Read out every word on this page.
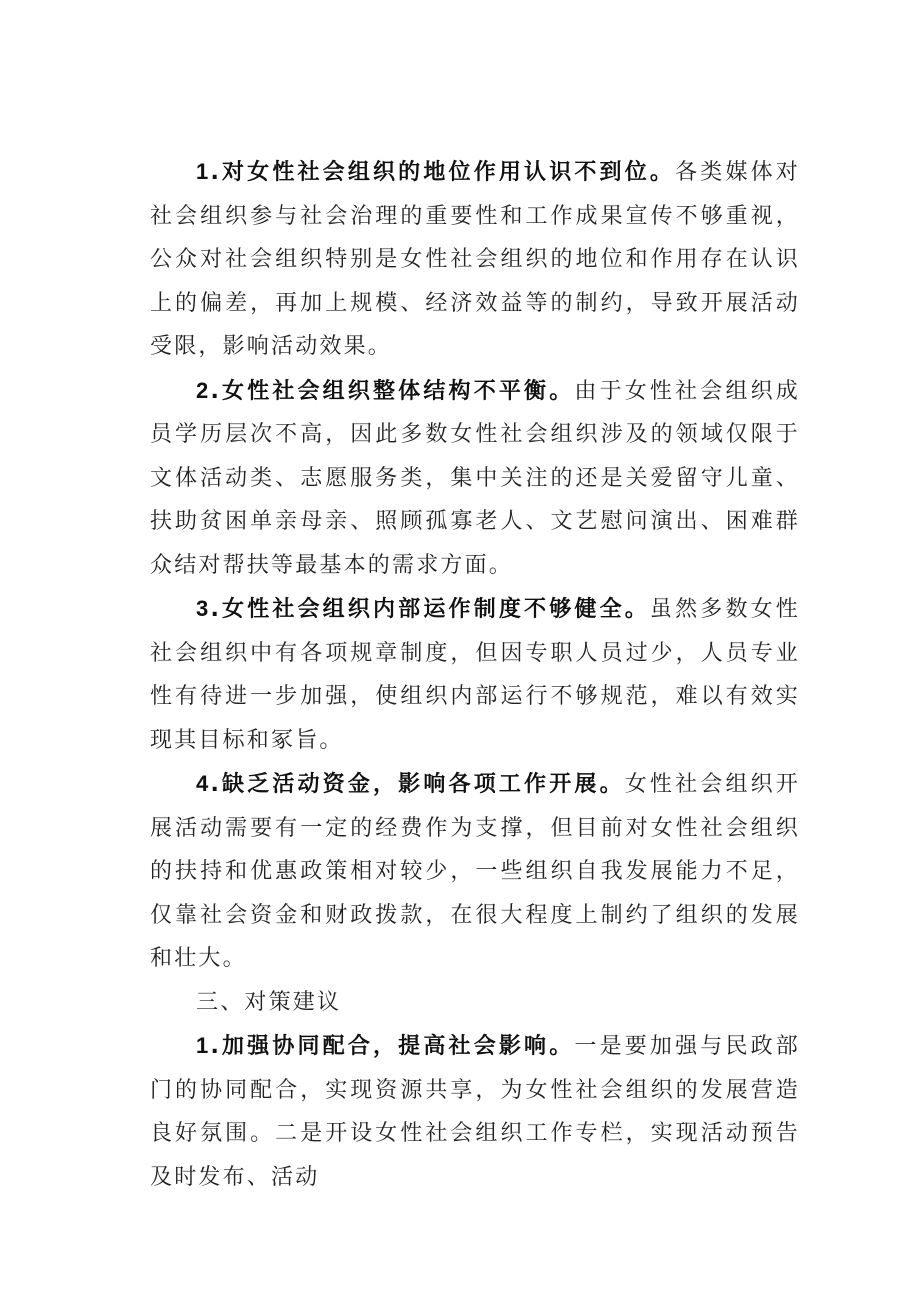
1.对女性社会组织的地位作用认识不到位。各类媒体对社会组织参与社会治理的重要性和工作成果宣传不够重视，公众对社会组织特别是女性社会组织的地位和作用存在认识上的偏差，再加上规模、经济效益等的制约，导致开展活动受限，影响活动效果。

2.女性社会组织整体结构不平衡。由于女性社会组织成员学历层次不高，因此多数女性社会组织涉及的领域仅限于文体活动类、志愿服务类，集中关注的还是关爱留守儿童、扶助贫困单亲母亲、照顾孤寡老人、文艺慰问演出、困难群众结对帮扶等最基本的需求方面。

3.女性社会组织内部运作制度不够健全。虽然多数女性社会组织中有各项规章制度，但因专职人员过少，人员专业性有待进一步加强，使组织内部运行不够规范，难以有效实现其目标和冢旨。

4.缺乏活动资金，影响各项工作开展。女性社会组织开展活动需要有一定的经费作为支撑，但目前对女性社会组织的扶持和优惠政策相对较少，一些组织自我发展能力不足，仅靠社会资金和财政拨款，在很大程度上制约了组织的发展和壮大。

三、对策建议

1.加强协同配合，提高社会影响。一是要加强与民政部门的协同配合，实现资源共享，为女性社会组织的发展营造良好氛围。二是开设女性社会组织工作专栏，实现活动预告及时发布、活动
